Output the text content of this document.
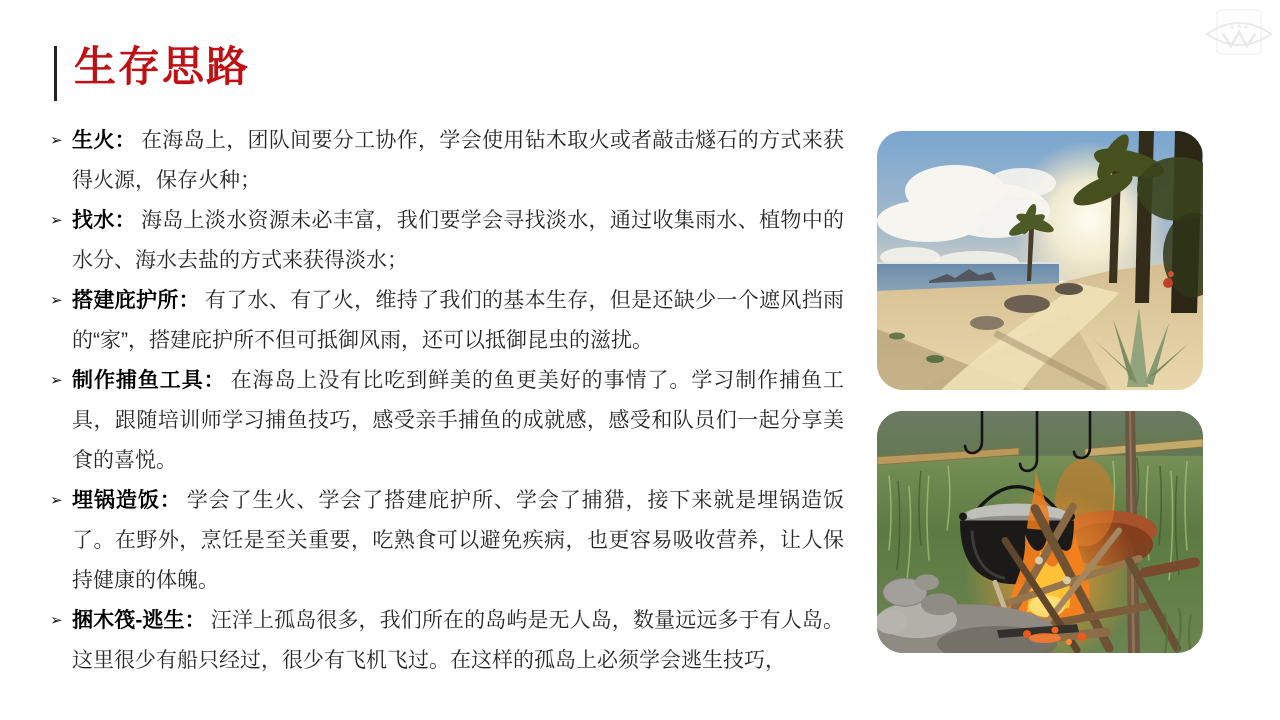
生存思路
➢ 生火： 在海岛上，团队间要分工协作，学会使用钻木取火或者敲击燧石的方式来获得火源，保存火种；
➢ 找水： 海岛上淡水资源未必丰富，我们要学会寻找淡水，通过收集雨水、植物中的水分、海水去盐的方式来获得淡水；
➢ 搭建庇护所： 有了水、有了火，维持了我们的基本生存，但是还缺少一个遮风挡雨的“家”，搭建庇护所不但可抵御风雨，还可以抵御昆虫的滋扰。
➢ 制作捕鱼工具： 在海岛上没有比吃到鲜美的鱼更美好的事情了。学习制作捕鱼工具，跟随培训师学习捕鱼技巧，感受亲手捕鱼的成就感，感受和队员们一起分享美食的喜悦。
➢ 埋锅造饭： 学会了生火、学会了搭建庇护所、学会了捕猎，接下来就是埋锅造饭了。在野外，烹饪是至关重要，吃熟食可以避免疾病，也更容易吸收营养，让人保持健康的体魄。
➢ 捆木筏-逃生： 汪洋上孤岛很多，我们所在的岛屿是无人岛，数量远远多于有人岛。这里很少有船只经过，很少有飞机飞过。在这样的孤岛上必须学会逃生技巧，
